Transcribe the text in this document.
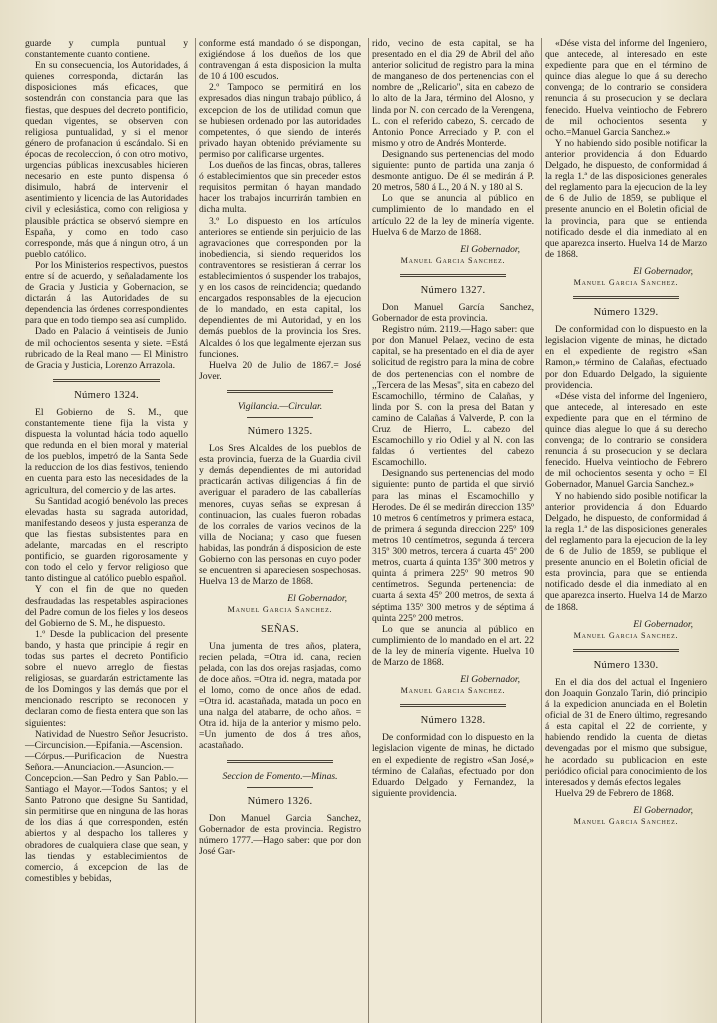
guarde y cumpla puntual y constantemente cuanto contiene.

En su consecuencia, los Autoridades, á quienes corresponda, dictarán las disposiciones más eficaces, que sostendrán con constancia para que las fiestas, que despues del decreto pontificio, quedan vigentes, se observen con religiosa puntualidad, y si el menor género de profanacion ú escándalo. Si en épocas de recoleccion, ó con otro motivo, urgencias públicas inexcusables hicieren necesario en este punto dispensa ó disimulo, habrá de intervenir el asentimiento y licencia de las Autoridades civil y eclesiástica, como con religiosa y plausible práctica se observó siempre en España, y como en todo caso corresponde, más que á ningun otro, á un pueblo católico.

Por los Ministerios respectivos, puestos entre sí de acuerdo, y señaladamente los de Gracia y Justicia y Gobernacion, se dictarán á las Autoridades de su dependencia las órdenes correspondientes para que en todo tiempo sea así cumplido.

Dado en Palacio á veintiseis de Junio de mil ochocientos sesenta y siete. =Está rubricado de la Real mano — El Ministro de Gracia y Justicia, Lorenzo Arrazola.

Número 1324.

El Gobierno de S. M., que constantemente tiene fija la vista y dispuesta la voluntad hácia todo aquello que redunda en el bien moral y material de los pueblos, impetró de la Santa Sede la reduccion de los dias festivos, teniendo en cuenta para esto las necesidades de la agricultura, del comercio y de las artes.

Su Santidad acogió benévolo las preces elevadas hasta su sagrada autoridad, manifestando deseos y justa esperanza de que las fiestas subsistentes para en adelante, marcadas en el rescripto pontificio, se guarden rigorosamente y con todo el celo y fervor religioso que tanto distingue al católico pueblo español.

Y con el fin de que no queden desfraudadas las respetables aspiraciones del Padre comun de los fieles y los deseos del Gobierno de S. M., he dispuesto.

1.º Desde la publicacion del presente bando, y hasta que principie á regir en todas sus partes el decreto Pontificio sobre el nuevo arreglo de fiestas religiosas, se guardarán estrictamente las de los Domingos y las demás que por el mencionado rescripto se reconocen y declaran como de fiesta entera que son las siguientes:

Natividad de Nuestro Señor Jesucristo.—Circuncision.—Epifania.—Ascension.—Córpus.—Purificacion de Nuestra Señora.—Anunciacion.—Asuncion.—Concepcion.—San Pedro y San Pablo.—Santiago el Mayor.—Todos Santos; y el Santo Patrono que designe Su Santidad, sin permitirse que en ninguna de las horas de los dias á que corresponden, estén abiertos y al despacho los talleres y obradores de cualquiera clase que sean, y las tiendas y establecimientos de comercio, á excepcion de las de comestibles y bebidas,

conforme está mandado ó se dispongan, exigiéndose á los dueños de los que contravengan á esta disposicion la multa de 10 á 100 escudos.

2.º Tampoco se permitirá en los expresados dias ningun trabajo público, á excepcion de los de utilidad comun que se hubiesen ordenado por las autoridades competentes, ó que siendo de interés privado hayan obtenido préviamente su permiso por calificarse urgentes.

Los dueños de las fincas, obras, talleres ó establecimientos que sin preceder estos requisitos permitan ó hayan mandado hacer los trabajos incurrirán tambien en dicha multa.

3.º Lo dispuesto en los artículos anteriores se entiende sin perjuicio de las agravaciones que corresponden por la inobediencia, si siendo requeridos los contraventores se resistieran á cerrar los establecimientos ó suspender los trabajos, y en los casos de reincidencia; quedando encargados responsables de la ejecucion de lo mandado, en esta capital, los dependientes de mi Autoridad, y en los demás pueblos de la provincia los Sres. Alcaldes ó los que legalmente ejerzan sus funciones.

Huelva 20 de Julio de 1867.= José Jover.

Vigilancia.—Circular.
Número 1325.

Los Sres Alcaldes de los pueblos de esta provincia, fuerza de la Guardia civil y demás dependientes de mi autoridad practicarán activas diligencias á fin de averiguar el paradero de las caballerías menores, cuyas señas se expresan á continuacion, las cuales fueron robadas de los corrales de varios vecinos de la villa de Nociana; y caso que fuesen habidas, las pondrán á disposicion de este Gobierno con las personas en cuyo poder se encuentren si apareciesen sospechosas. Huelva 13 de Marzo de 1868.

El Gobernador,
Manuel Garcia Sanchez.
SEÑAS.

Una jumenta de tres años, platera, recien pelada, =Otra id. cana, recien pelada, con las dos orejas rasjadas, como de doce años. =Otra id. negra, matada por el lomo, como de once años de edad. =Otra id. acastañada, matada un poco en una nalga del atabarre, de ocho años. = Otra id. hija de la anterior y mismo pelo. =Un jumento de dos á tres años, acastañado.

Seccion de Fomento.—Minas.
Número 1326.

Don Manuel Garcia Sanchez, Gobernador de esta provincia. Registro número 1777.—Hago saber: que por don José Gar-

rido, vecino de esta capital, se ha presentado en el dia 29 de Abril del año anterior solicitud de registro para la mina de manganeso de dos pertenencias con el nombre de ,,Relicario'', sita en cabezo de lo alto de la Jara, término del Alosno, y linda por N. con cercado de la Verengena, L. con el referido cabezo, S. cercado de Antonio Ponce Arreciado y P. con el mismo y otro de Andrés Monterde.

Designando sus pertenencias del modo siguiente: punto de partida una zanja ó desmonte antiguo. De él se medirán á P. 20 metros, 580 á L., 20 á N. y 180 al S.

Lo que se anuncia al público en cumplimiento de lo mandado en el artículo 22 de la ley de minería vigente. Huelva 6 de Marzo de 1868.

El Gobernador,
Manuel Garcia Sanchez.
Número 1327.

Don Manuel García Sanchez, Gobernador de esta provincia.

Registro núm. 2119.—Hago saber: que por don Manuel Pelaez, vecino de esta capital, se ha presentado en el dia de ayer solicitud de registro para la mina de cobre de dos pertenencias con el nombre de ,,Tercera de las Mesas'', sita en cabezo del Escamochillo, término de Calañas, y linda por S. con la presa del Batan y camino de Calañas á Valverde, P. con la Cruz de Hierro, L. cabezo del Escamochillo y rio Odiel y al N. con las faldas ó vertientes del cabezo Escamochillo.

Designando sus pertenencias del modo siguiente: punto de partida el que sirvió para las minas el Escamochillo y Herodes. De él se medirán direccion 135º 10 metros 6 centímetros y primera estaca, de primera á segunda direccion 225º 109 metros 10 centímetros, segunda á tercera 315º 300 metros, tercera á cuarta 45º 200 metros, cuarta á quinta 135º 300 metros y quinta á primera 225º 90 metros 90 centímetros. Segunda pertenencia: de cuarta á sexta 45º 200 metros, de sexta á séptima 135º 300 metros y de séptima á quinta 225º 200 metros.

Lo que se anuncia al público en cumplimiento de lo mandado en el art. 22 de la ley de minería vigente. Huelva 10 de Marzo de 1868.

El Gobernador,
Manuel Garcia Sanchez.
Número 1328.

De conformidad con lo dispuesto en la legislacion vigente de minas, he dictado en el expediente de registro «San José,» término de Calañas, efectuado por don Eduardo Delgado y Fernandez, la siguiente providencia.

«Dése vista del informe del Ingeniero, que antecede, al interesado en este expediente para que en el término de quince dias alegue lo que á su derecho convenga; de lo contrario se considera renuncia á su prosecucion y se declara fenecido. Huelva veintiocho de Febrero de mil ochocientos sesenta y ocho.=Manuel Garcia Sanchez.»

Y no habiendo sido posible notificar la anterior providencia á don Eduardo Delgado, he dispuesto, de conformidad á la regla 1.ª de las disposiciones generales del reglamento para la ejecucion de la ley de 6 de Julio de 1859, se publique el presente anuncio en el Boletin oficial de la provincia, para que se entienda notificado desde el dia inmediato al en que aparezca inserto. Huelva 14 de Marzo de 1868.

El Gobernador,
Manuel Garcia Sanchez.
Número 1329.

De conformidad con lo dispuesto en la legislacion vigente de minas, he dictado en el expediente de registro «San Ramon,» término de Calañas, efectuado por don Eduardo Delgado, la siguiente providencia.

«Dése vista del informe del Ingeniero, que antecede, al interesado en este expediente para que en el término de quince dias alegue lo que á su derecho convenga; de lo contrario se considera renuncia á su prosecucion y se declara fenecido. Huelva veintiocho de Febrero de mil ochocientos sesenta y ocho = El Gobernador, Manuel Garcia Sanchez.»

Y no habiendo sido posible notificar la anterior providencia á don Eduardo Delgado, he dispuesto, de conformidad á la regla 1.ª de las disposiciones generales del reglamento para la ejecucion de la ley de 6 de Julio de 1859, se publique el presente anuncio en el Boletin oficial de esta provincia, para que se entienda notificado desde el dia inmediato al en que aparezca inserto. Huelva 14 de Marzo de 1868.

El Gobernador,
Manuel Garcia Sanchez.
Número 1330.

En el dia dos del actual el Ingeniero don Joaquin Gonzalo Tarin, dió principio á la expedicion anunciada en el Boletin oficial de 31 de Enero último, regresando á esta capital el 22 de corriente, y habiendo rendido la cuenta de dietas devengadas por el mismo que subsigue, he acordado su publicacion en este periódico oficial para conocimiento de los interesados y demás efectos legales

Huelva 29 de Febrero de 1868.

El Gobernador,
Manuel Garcia Sanchez.
